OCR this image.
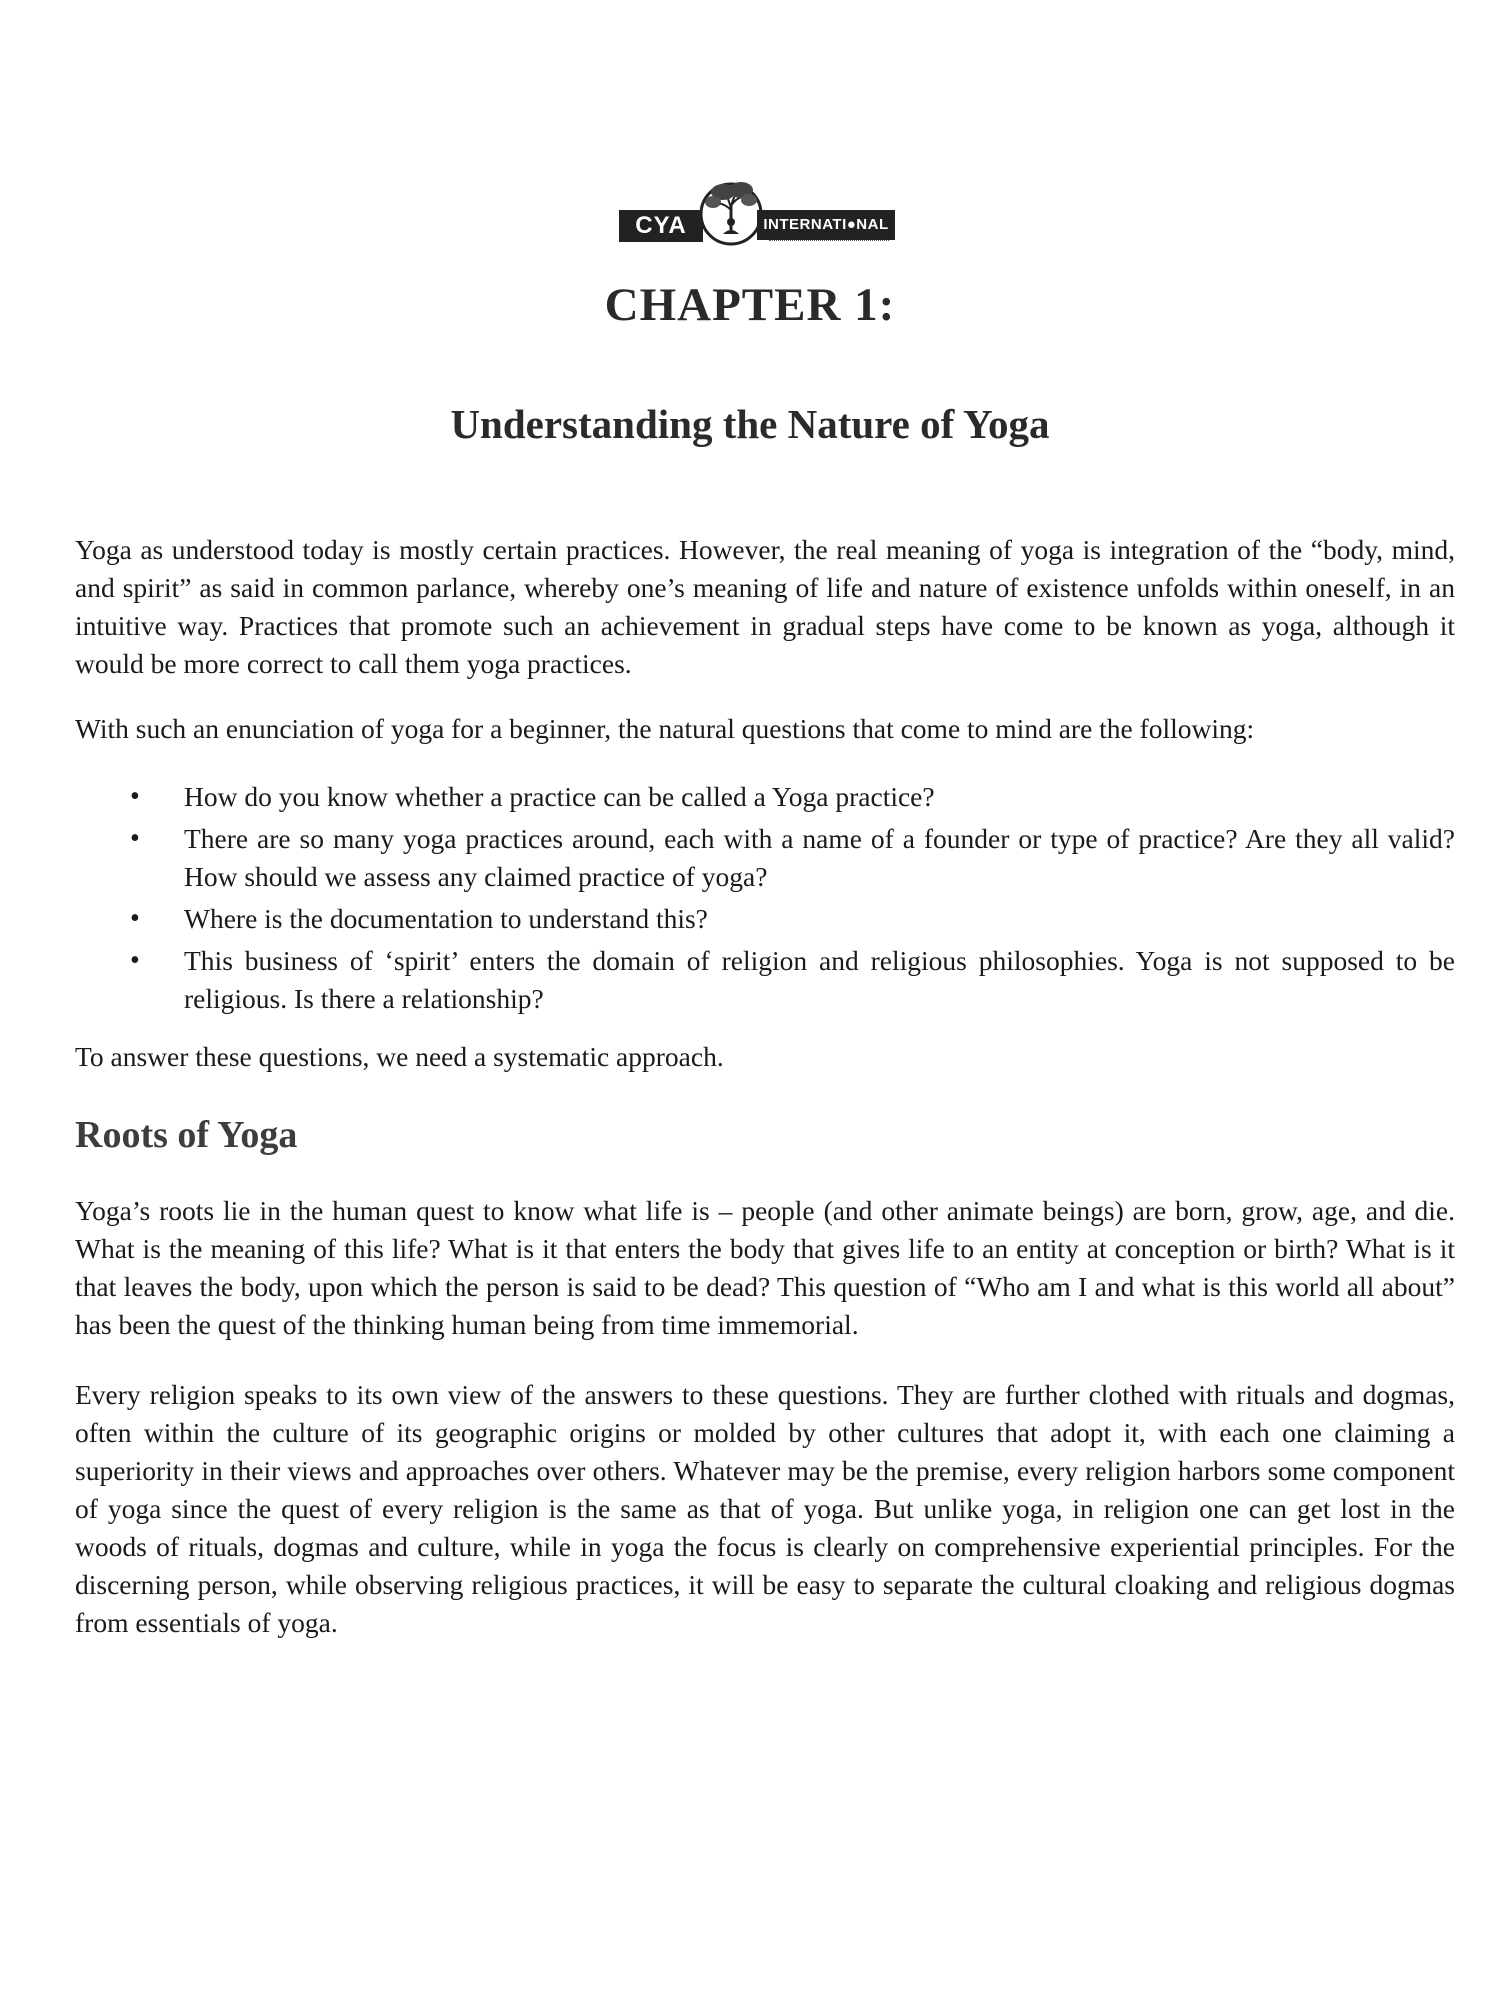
CYA	INTERNATI●NAL
CHAPTER 1:
Understanding the Nature of Yoga

Yoga as understood today is mostly certain practices. However, the real meaning of yoga is integration of the “body, mind, and spirit” as said in common parlance, whereby one’s meaning of life and nature of existence unfolds within oneself, in an intuitive way. Practices that promote such an achievement in gradual steps have come to be known as yoga, although it would be more correct to call them yoga practices.

With such an enunciation of yoga for a beginner, the natural questions that come to mind are the following:

• How do you know whether a practice can be called a Yoga practice?
• There are so many yoga practices around, each with a name of a founder or type of practice? Are they all valid? How should we assess any claimed practice of yoga?
• Where is the documentation to understand this?
• This business of ‘spirit’ enters the domain of religion and religious philosophies. Yoga is not supposed to be religious. Is there a relationship?

To answer these questions, we need a systematic approach.

Roots of Yoga

Yoga’s roots lie in the human quest to know what life is – people (and other animate beings) are born, grow, age, and die. What is the meaning of this life? What is it that enters the body that gives life to an entity at conception or birth? What is it that leaves the body, upon which the person is said to be dead? This question of “Who am I and what is this world all about” has been the quest of the thinking human being from time immemorial.

Every religion speaks to its own view of the answers to these questions. They are further clothed with rituals and dogmas, often within the culture of its geographic origins or molded by other cultures that adopt it, with each one claiming a superiority in their views and approaches over others. Whatever may be the premise, every religion harbors some component of yoga since the quest of every religion is the same as that of yoga. But unlike yoga, in religion one can get lost in the woods of rituals, dogmas and culture, while in yoga the focus is clearly on comprehensive experiential principles. For the discerning person, while observing religious practices, it will be easy to separate the cultural cloaking and religious dogmas from essentials of yoga.
